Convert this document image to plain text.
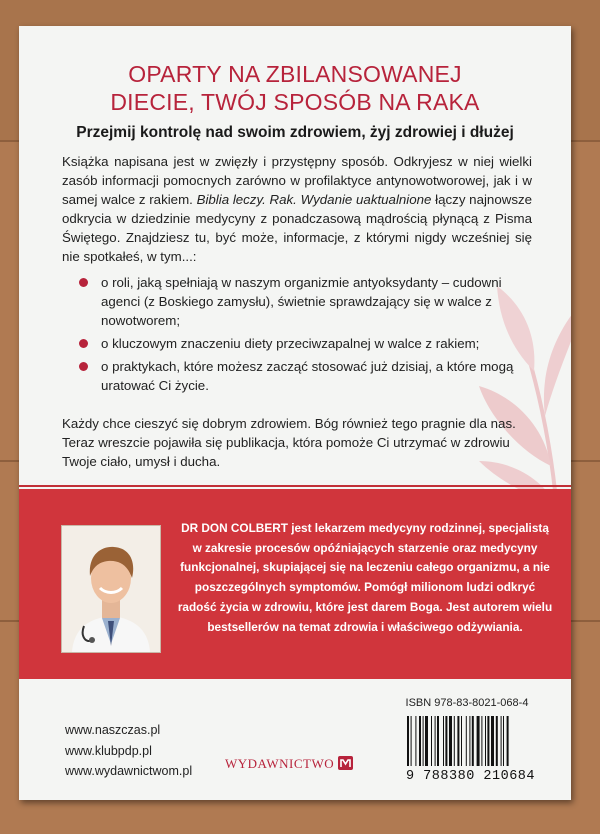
OPARTY NA ZBILANSOWANEJ
DIECIE, TWÓJ SPOSÓB NA RAKA
Przejmij kontrolę nad swoim zdrowiem, żyj zdrowiej i dłużej
Książka napisana jest w zwięzły i przystępny sposób. Odkryjesz w niej wielki zasób informacji pomocnych zarówno w profilaktyce antynowotworowej, jak i w samej walce z rakiem. Biblia leczy. Rak. Wydanie uaktualnione łączy najnowsze odkrycia w dziedzinie medycyny z ponadczasową mądrością płynącą z Pisma Świętego. Znajdziesz tu, być może, informacje, z którymi nigdy wcześniej się nie spotkałeś, w tym...:
o roli, jaką spełniają w naszym organizmie antyoksydanty – cudowni agenci (z Boskiego zamysłu), świetnie sprawdzający się w walce z nowotworem;
o kluczowym znaczeniu diety przeciwzapalnej w walce z rakiem;
o praktykach, które możesz zacząć stosować już dzisiaj, a które mogą uratować Ci życie.
Każdy chce cieszyć się dobrym zdrowiem. Bóg również tego pragnie dla nas. Teraz wreszcie pojawiła się publikacja, która pomoże Ci utrzymać w zdrowiu Twoje ciało, umysł i ducha.
DR DON COLBERT jest lekarzem medycyny rodzinnej, specjalistą w zakresie procesów opóźniających starzenie oraz medycyny funkcjonalnej, skupiającej się na leczeniu całego organizmu, a nie poszczególnych symptomów. Pomógł milionom ludzi odkryć radość życia w zdrowiu, które jest darem Boga. Jest autorem wielu bestsellerów na temat zdrowia i właściwego odżywiania.
www.naszczas.pl
www.klubpdp.pl
www.wydawnictwom.pl	WYDAWNICTWO
ISBN 978-83-8021-068-4
9 788380 210684
